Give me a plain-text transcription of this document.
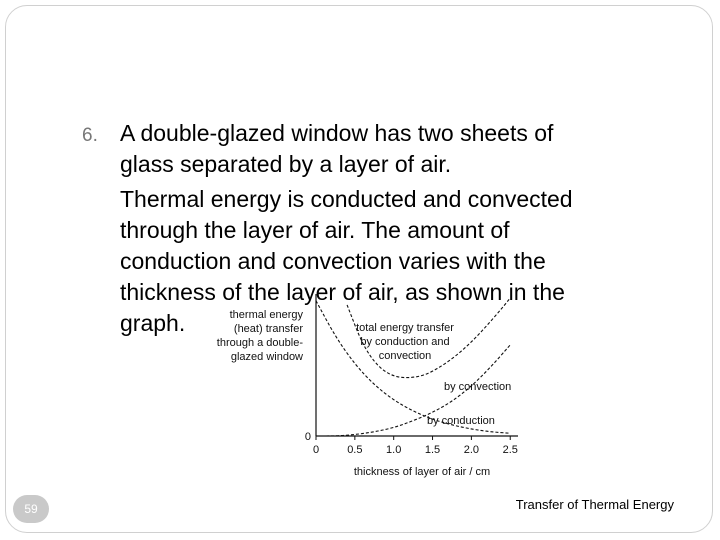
6. A double-glazed window has two sheets of
glass separated by a layer of air.
Thermal energy is conducted and convected
through the layer of air. The amount of
conduction and convection varies with the
thickness of the layer of air, as shown in the
graph.
0	0.5 1.0 1.5 2.0 2.5
0
thickness of layer of air / cm
thermal energy
(heat) transfer
through a double-
glazed window
by convection
by conduction
total energy transfer
by conduction and
convection
59	Transfer of Thermal Energy
